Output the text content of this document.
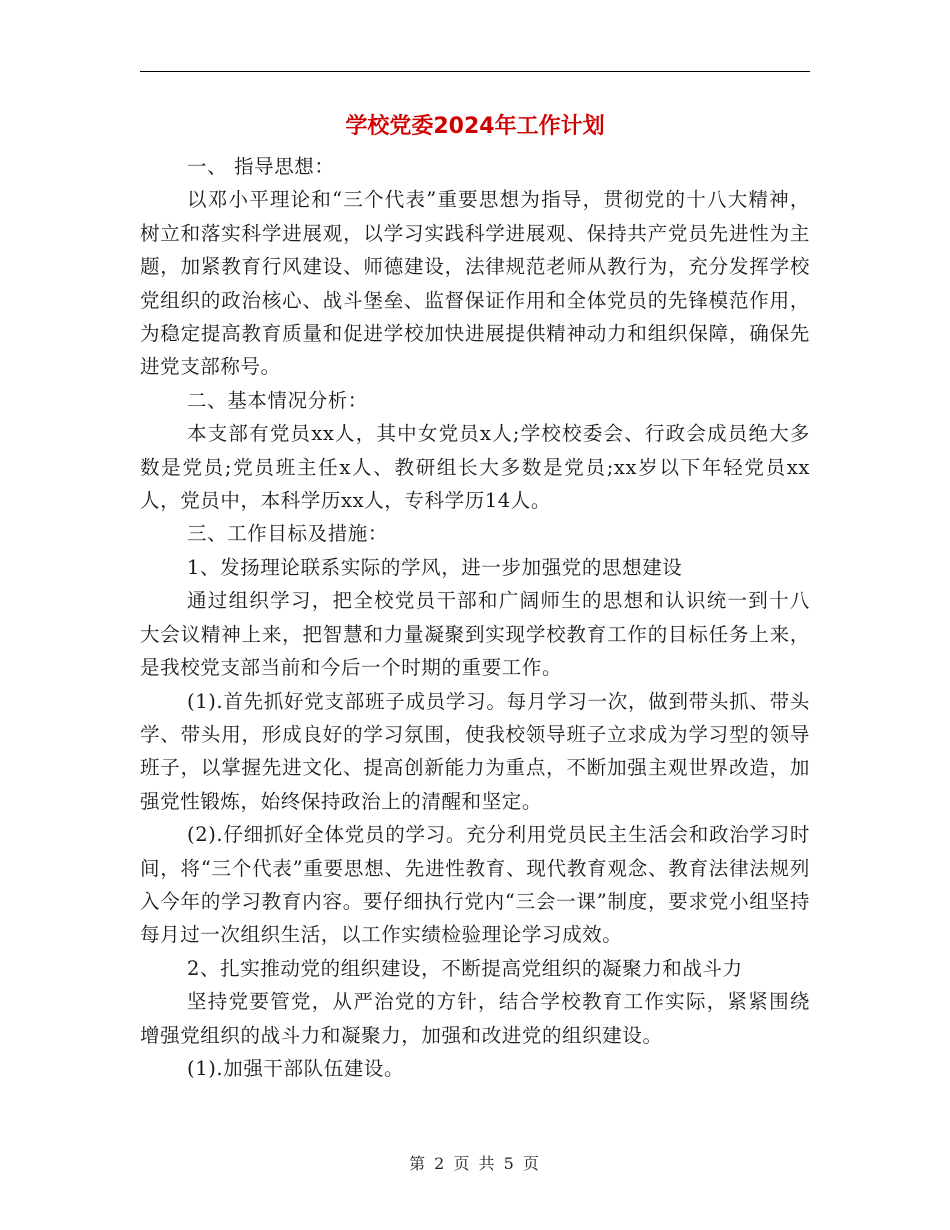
学校党委2024年工作计划

一、 指导思想：

以邓小平理论和“三个代表”重要思想为指导，贯彻党的十八大精神，树立和落实科学进展观，以学习实践科学进展观、保持共产党员先进性为主题，加紧教育行风建设、师德建设，法律规范老师从教行为，充分发挥学校党组织的政治核心、战斗堡垒、监督保证作用和全体党员的先锋模范作用，为稳定提高教育质量和促进学校加快进展提供精神动力和组织保障，确保先进党支部称号。

二、基本情况分析：

本支部有党员xx人，其中女党员x人;学校校委会、行政会成员绝大多数是党员;党员班主任x人、教研组长大多数是党员;xx岁以下年轻党员xx人，党员中，本科学历xx人，专科学历14人。

三、工作目标及措施：

1、发扬理论联系实际的学风，进一步加强党的思想建设

通过组织学习，把全校党员干部和广阔师生的思想和认识统一到十八大会议精神上来，把智慧和力量凝聚到实现学校教育工作的目标任务上来，是我校党支部当前和今后一个时期的重要工作。

(1).首先抓好党支部班子成员学习。每月学习一次，做到带头抓、带头学、带头用，形成良好的学习氛围，使我校领导班子立求成为学习型的领导班子，以掌握先进文化、提高创新能力为重点，不断加强主观世界改造，加强党性锻炼，始终保持政治上的清醒和坚定。

(2).仔细抓好全体党员的学习。充分利用党员民主生活会和政治学习时间，将“三个代表”重要思想、先进性教育、现代教育观念、教育法律法规列入今年的学习教育内容。要仔细执行党内“三会一课”制度，要求党小组坚持每月过一次组织生活，以工作实绩检验理论学习成效。

2、扎实推动党的组织建设，不断提高党组织的凝聚力和战斗力

坚持党要管党，从严治党的方针，结合学校教育工作实际，紧紧围绕增强党组织的战斗力和凝聚力，加强和改进党的组织建设。

(1).加强干部队伍建设。

第 2 页 共 5 页
